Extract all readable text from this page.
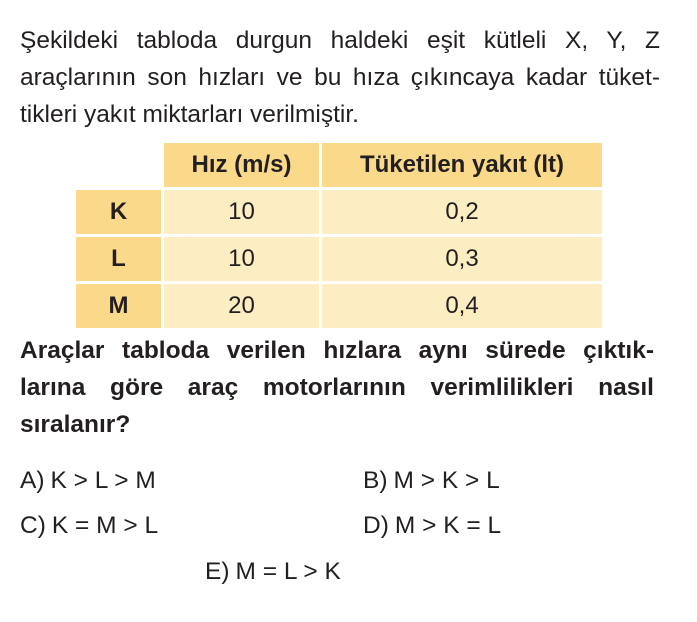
Şekildeki tabloda durgun haldeki eşit kütleli X, Y, Z
araçlarının son hızları ve bu hıza çıkıncaya kadar tüket-
tikleri yakıt miktarları verilmiştir.
	Hız (m/s)	Tüketilen yakıt (lt)
K	10	0,2
L	10	0,3
M	20	0,4
Araçlar tabloda verilen hızlara aynı sürede çıktık-
larına göre araç motorlarının verimlilikleri nasıl
sıralanır?
A) K > L > M	B) M > K > L
C) K = M > L	D) M > K = L
E) M = L > K
